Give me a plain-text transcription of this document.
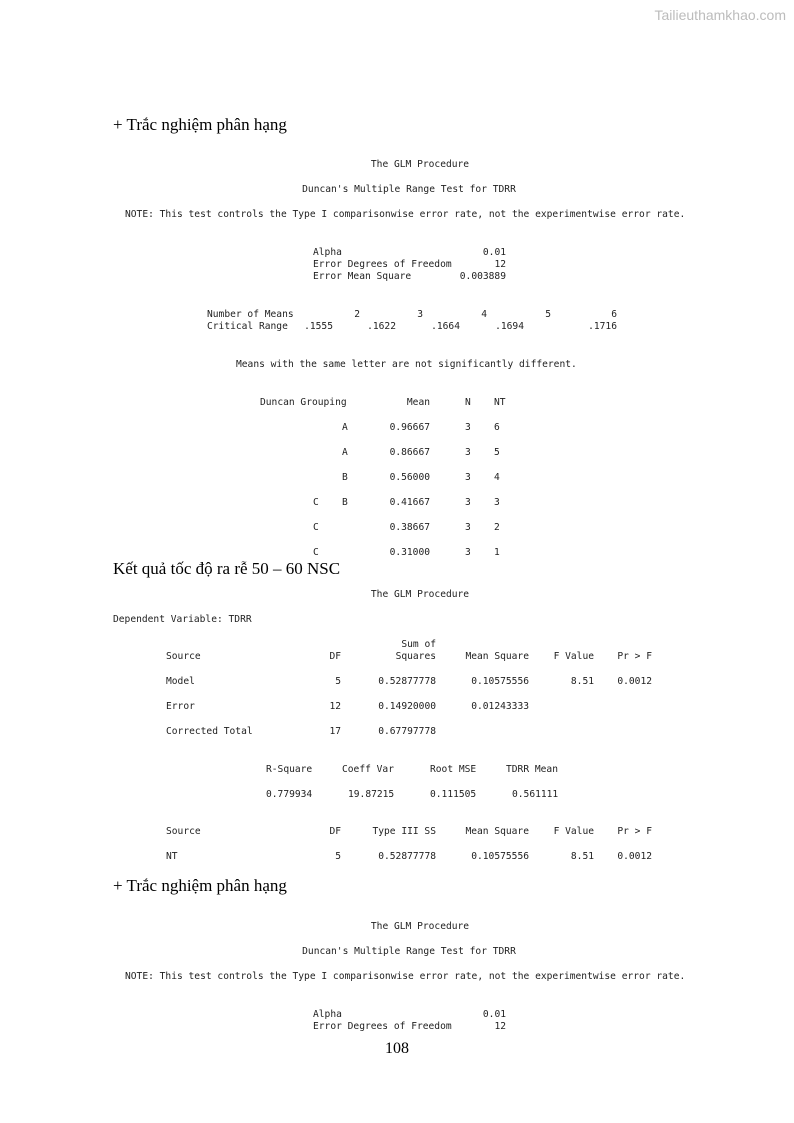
Tailieuthamkhao.com
+ Trắc nghiệm phân hạng
The GLM Procedure
Duncan's Multiple Range Test for TDRR
NOTE: This test controls the Type I comparisonwise error rate, not the experimentwise error rate.
Alpha	0.01
Error Degrees of Freedom	12
Error Mean Square	0.003889
Number of Means	2	3	4	5	6
Critical Range	.1555	.1622	.1664	.1694	.1716
Means with the same letter are not significantly different.
Duncan Grouping	Mean	N NT
A	0.96667	3 6
A	0.86667	3 5
B	0.56000	3 4
C B	0.41667	3 3
C	0.38667	3 2
C	0.31000	3 1
Kết quả tốc độ ra rễ 50 – 60 NSC
The GLM Procedure
Dependent Variable: TDRR
Sum of
Source	DF	Squares	Mean Square	F Value	Pr > F
Model	5	0.52877778	0.10575556	8.51	0.0012
Error	12	0.14920000	0.01243333
Corrected Total	17	0.67797778
R-Square	Coeff Var	Root MSE	TDRR Mean
0.779934	19.87215	0.111505	0.561111
Source	DF	Type III SS	Mean Square	F Value	Pr > F
NT	5	0.52877778	0.10575556	8.51	0.0012
+ Trắc nghiệm phân hạng
The GLM Procedure
Duncan's Multiple Range Test for TDRR
NOTE: This test controls the Type I comparisonwise error rate, not the experimentwise error rate.
Alpha	0.01
Error Degrees of Freedom	12
108
